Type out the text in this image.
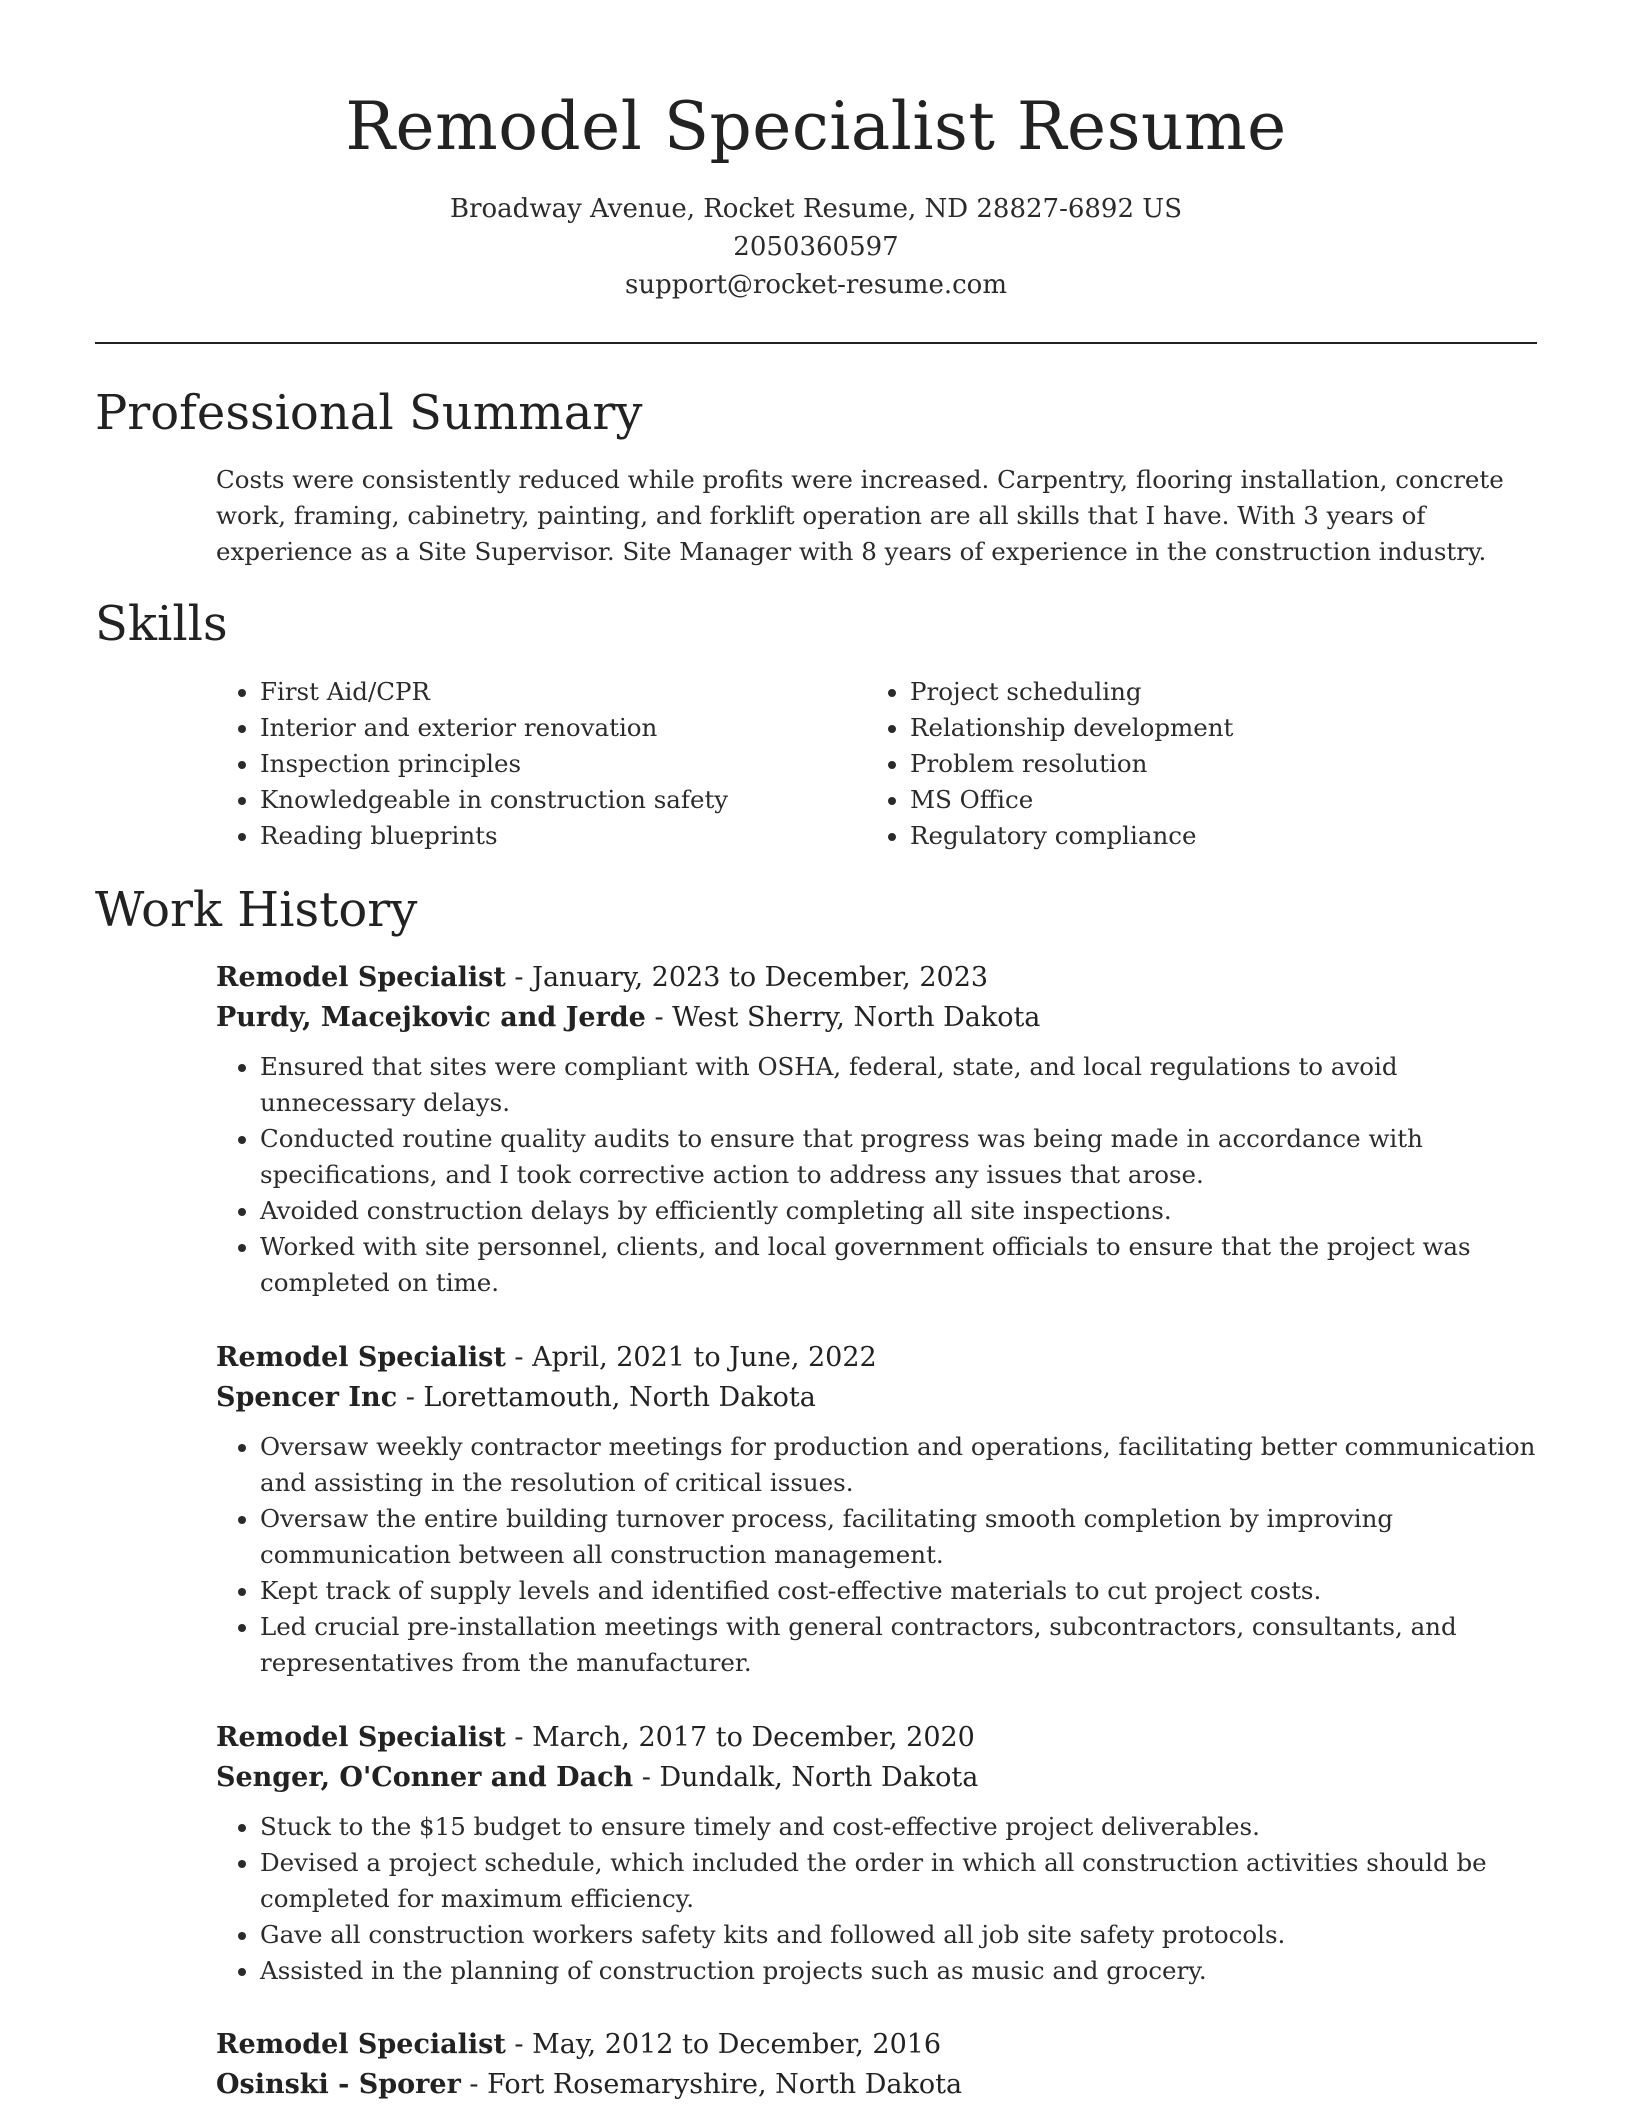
Remodel Specialist Resume
Broadway Avenue, Rocket Resume, ND 28827-6892 US
2050360597
support@rocket-resume.com
Professional Summary

Costs were consistently reduced while profits were increased. Carpentry, flooring installation, concrete work, framing, cabinetry, painting, and forklift operation are all skills that I have. With 3 years of experience as a Site Supervisor. Site Manager with 8 years of experience in the construction industry.

Skills
• First Aid/CPR
• Interior and exterior renovation
• Inspection principles
• Knowledgeable in construction safety
• Reading blueprints
• Project scheduling
• Relationship development
• Problem resolution
• MS Office
• Regulatory compliance
Work History
Remodel Specialist - January, 2023 to December, 2023
Purdy, Macejkovic and Jerde - West Sherry, North Dakota
• Ensured that sites were compliant with OSHA, federal, state, and local regulations to avoid unnecessary delays.
• Conducted routine quality audits to ensure that progress was being made in accordance with specifications, and I took corrective action to address any issues that arose.
• Avoided construction delays by efficiently completing all site inspections.
• Worked with site personnel, clients, and local government officials to ensure that the project was completed on time.
Remodel Specialist - April, 2021 to June, 2022
Spencer Inc - Lorettamouth, North Dakota
• Oversaw weekly contractor meetings for production and operations, facilitating better communication and assisting in the resolution of critical issues.
• Oversaw the entire building turnover process, facilitating smooth completion by improving communication between all construction management.
• Kept track of supply levels and identified cost-effective materials to cut project costs.
• Led crucial pre-installation meetings with general contractors, subcontractors, consultants, and representatives from the manufacturer.
Remodel Specialist - March, 2017 to December, 2020
Senger, O'Conner and Dach - Dundalk, North Dakota
• Stuck to the $15 budget to ensure timely and cost-effective project deliverables.
• Devised a project schedule, which included the order in which all construction activities should be completed for maximum efficiency.
• Gave all construction workers safety kits and followed all job site safety protocols.
• Assisted in the planning of construction projects such as music and grocery.
Remodel Specialist - May, 2012 to December, 2016
Osinski - Sporer - Fort Rosemaryshire, North Dakota
